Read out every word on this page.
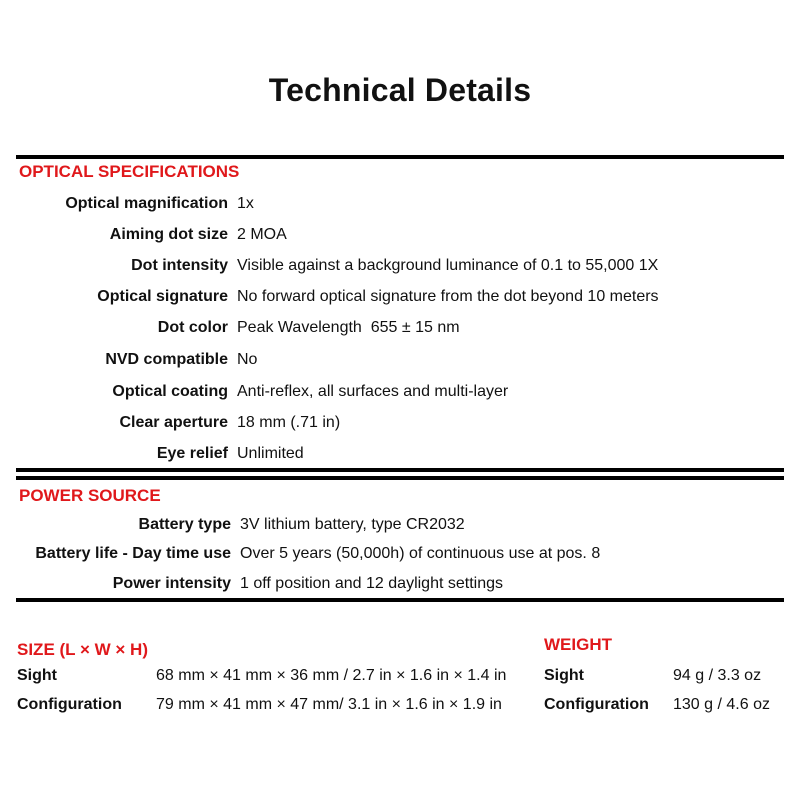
Technical Details
OPTICAL SPECIFICATIONS
Optical magnification 1x
Aiming dot size 2 MOA
Dot intensity Visible against a background luminance of 0.1 to 55,000 1X
Optical signature No forward optical signature from the dot beyond 10 meters
Dot color Peak Wavelength  655 ± 15 nm
NVD compatible No
Optical coating Anti-reflex, all surfaces and multi-layer
Clear aperture 18 mm (.71 in)
Eye relief Unlimited
POWER SOURCE
Battery type 3V lithium battery, type CR2032
Battery life - Day time use Over 5 years (50,000h) of continuous use at pos. 8
Power intensity 1 off position and 12 daylight settings
SIZE (L × W × H)
Sight	68 mm × 41 mm × 36 mm / 2.7 in × 1.6 in × 1.4 in
Configuration 79 mm × 41 mm × 47 mm/ 3.1 in × 1.6 in × 1.9 in
WEIGHT
Sight	94 g / 3.3 oz
Configuration 130 g / 4.6 oz
